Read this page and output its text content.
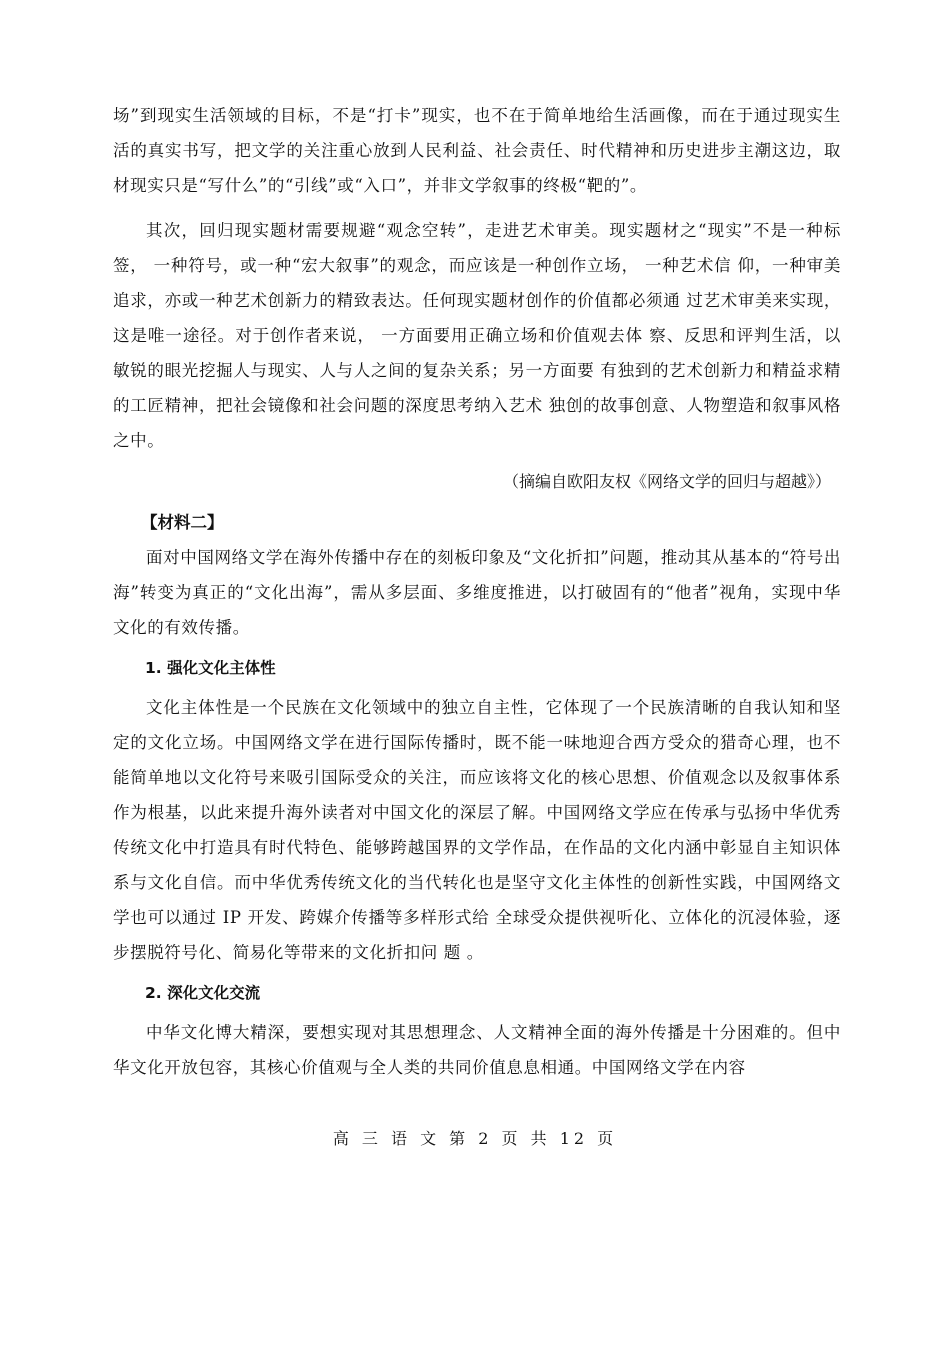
场”到现实生活领域的目标，不是“打卡”现实，也不在于简单地给生活画像，而在于通过现实生活的真实书写，把文学的关注重心放到人民利益、社会责任、时代精神和历史进步主潮这边，取材现实只是“写什么”的“引线”或“入口”，并非文学叙事的终极“靶的”。

其次，回归现实题材需要规避“观念空转”，走进艺术审美。现实题材之“现实”不是一种标签， 一种符号，或一种“宏大叙事”的观念，而应该是一种创作立场， 一种艺术信 仰，一种审美追求，亦或一种艺术创新力的精致表达。任何现实题材创作的价值都必须通 过艺术审美来实现，这是唯一途径。对于创作者来说， 一方面要用正确立场和价值观去体 察、反思和评判生活，以敏锐的眼光挖掘人与现实、人与人之间的复杂关系；另一方面要 有独到的艺术创新力和精益求精的工匠精神，把社会镜像和社会问题的深度思考纳入艺术 独创的故事创意、人物塑造和叙事风格之中。

（摘编自欧阳友权《网络文学的回归与超越》）

【材料二】

面对中国网络文学在海外传播中存在的刻板印象及“文化折扣”问题，推动其从基本的“符号出海”转变为真正的“文化出海”，需从多层面、多维度推进，以打破固有的“他者”视角，实现中华文化的有效传播。

1. 强化文化主体性

文化主体性是一个民族在文化领域中的独立自主性，它体现了一个民族清晰的自我认知和坚定的文化立场。中国网络文学在进行国际传播时，既不能一味地迎合西方受众的猎奇心理，也不能简单地以文化符号来吸引国际受众的关注，而应该将文化的核心思想、价值观念以及叙事体系作为根基，以此来提升海外读者对中国文化的深层了解。中国网络文学应在传承与弘扬中华优秀传统文化中打造具有时代特色、能够跨越国界的文学作品，在作品的文化内涵中彰显自主知识体系与文化自信。而中华优秀传统文化的当代转化也是坚守文化主体性的创新性实践，中国网络文学也可以通过 IP 开发、跨媒介传播等多样形式给 全球受众提供视听化、立体化的沉浸体验，逐步摆脱符号化、简易化等带来的文化折扣问 题 。

2. 深化文化交流

中华文化博大精深，要想实现对其思想理念、人文精神全面的海外传播是十分困难的。但中华文化开放包容，其核心价值观与全人类的共同价值息息相通。中国网络文学在内容

高 三 语 文 第 2 页 共 12 页
